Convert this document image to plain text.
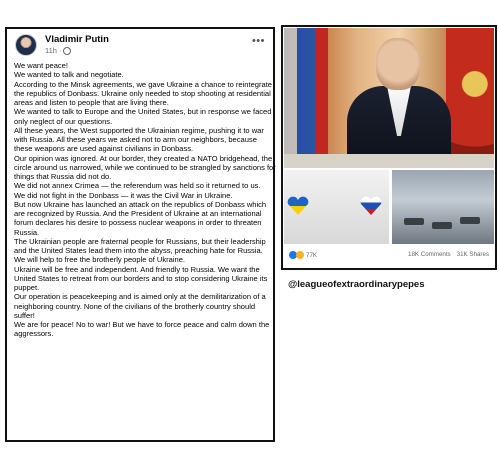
Vladimir Putin
11h ·
•••

We want peace!

We wanted to talk and negotiate.

According to the Minsk agreements, we gave Ukraine a chance to reintegrate the republics of Donbass. Ukraine only needed to stop shooting at residential areas and listen to people that are living there.

We wanted to talk to Europe and the United States, but in response we faced only neglect of our questions.

All these years, the West supported the Ukrainian regime, pushing it to war with Russia. All these years we asked not to arm our neighbors, because these weapons are used against civilians in Donbass.

Our opinion was ignored. At our border, they created a NATO bridgehead, the circle around us narrowed, while we continued to be strangled by sanctions for things that Russia did not do.

We did not annex Crimea — the referendum was held so it returned to us.

We did not fight in the Donbass — it was the Civil War in Ukraine.

But now Ukraine has launched an attack on the republics of Donbass which are recognized by Russia. And the President of Ukraine at an international forum declares his desire to possess nuclear weapons in order to threaten Russia.

The Ukrainian people are fraternal people for Russians, but their leadership and the United States lead them into the abyss, preaching hate for Russia.

We will help to free the brotherly people of Ukraine.

Ukraine will be free and independent. And friendly to Russia. We want the United States to retreat from our borders and to stop considering Ukraine its puppet.

Our operation is peacekeeping and is aimed only at the demilitarization of a neighboring country. None of the civilians of the brotherly country should suffer!

We are for peace! No to war! But we have to force peace and calm down the aggressors.

77K	18K Comments 31K Shares
@leagueofextraordinarypepes
